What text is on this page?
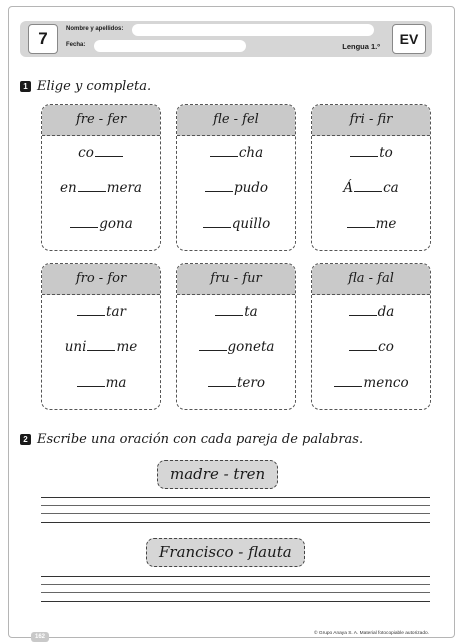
7	Nombre y apellidos:
Fecha:	Lengua 1.º	EV
1 Elige y completa.
fre - fer
co
en mera
gona
fle - fel
cha
pudo
quillo
fri - fir
to
Á ca
me
fro - for
tar
uni me
ma
fru - fur
ta
goneta
tero
fla - fal
da
co
menco
2 Escribe una oración con cada pareja de palabras.
madre - tren
Francisco - flauta
162
© Grupo Anaya S. A. Material fotocopiable autorizado.
